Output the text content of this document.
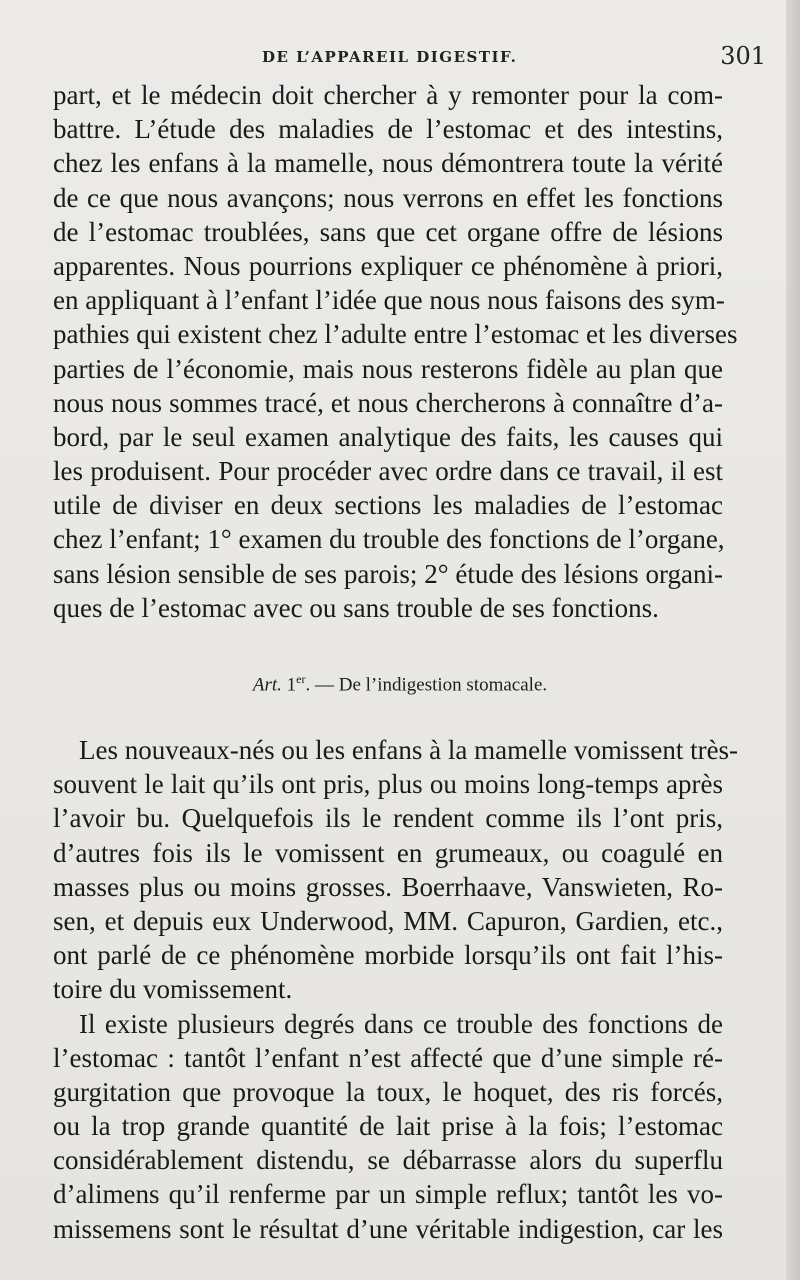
DE L’APPAREIL DIGESTIF.	301
part, et le médecin doit chercher à y remonter pour la com-
battre. L’étude des maladies de l’estomac et des intestins,
chez les enfans à la mamelle, nous démontrera toute la vérité
de ce que nous avançons; nous verrons en effet les fonctions
de l’estomac troublées, sans que cet organe offre de lésions
apparentes. Nous pourrions expliquer ce phénomène à priori,
en appliquant à l’enfant l’idée que nous nous faisons des sym-
pathies qui existent chez l’adulte entre l’estomac et les diverses
parties de l’économie, mais nous resterons fidèle au plan que
nous nous sommes tracé, et nous chercherons à connaître d’a-
bord, par le seul examen analytique des faits, les causes qui
les produisent. Pour procéder avec ordre dans ce travail, il est
utile de diviser en deux sections les maladies de l’estomac
chez l’enfant; 1° examen du trouble des fonctions de l’organe,
sans lésion sensible de ses parois; 2° étude des lésions organi-
ques de l’estomac avec ou sans trouble de ses fonctions.
Art. 1er. — De l’indigestion stomacale.
Les nouveaux-nés ou les enfans à la mamelle vomissent très-
souvent le lait qu’ils ont pris, plus ou moins long-temps après
l’avoir bu. Quelquefois ils le rendent comme ils l’ont pris,
d’autres fois ils le vomissent en grumeaux, ou coagulé en
masses plus ou moins grosses. Boerrhaave, Vanswieten, Ro-
sen, et depuis eux Underwood, MM. Capuron, Gardien, etc.,
ont parlé de ce phénomène morbide lorsqu’ils ont fait l’his-
toire du vomissement.
Il existe plusieurs degrés dans ce trouble des fonctions de
l’estomac : tantôt l’enfant n’est affecté que d’une simple ré-
gurgitation que provoque la toux, le hoquet, des ris forcés,
ou la trop grande quantité de lait prise à la fois; l’estomac
considérablement distendu, se débarrasse alors du superflu
d’alimens qu’il renferme par un simple reflux; tantôt les vo-
missemens sont le résultat d’une véritable indigestion, car les
